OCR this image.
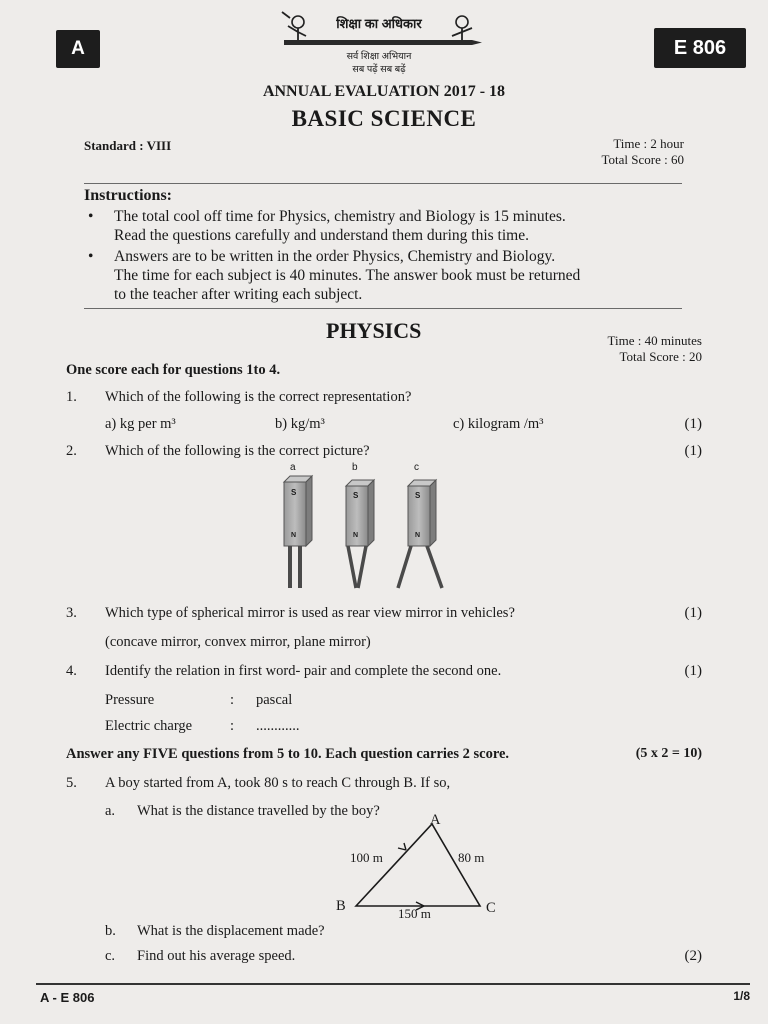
A	E 806
शिक्षा का अधिकार
सर्व शिक्षा अभियान
सब पढ़ें सब बढ़ें
ANNUAL EVALUATION 2017 - 18
BASIC SCIENCE
Standard : VIII	Time : 2 hour
Total Score : 60
Instructions:
• The total cool off time for Physics, chemistry and Biology is 15 minutes.
Read the questions carefully and understand them during this time.
• Answers are to be written in the order Physics, Chemistry and Biology.
The time for each subject is 40 minutes. The answer book must be returned
to the teacher after writing each subject.
PHYSICS	Time : 40 minutes
Total Score : 20
One score each for questions 1to 4.
1. Which of the following is the correct representation?
a) kg per m³	b) kg/m³	c) kilogram /m³	(1)
2. Which of the following is the correct picture?	(1)
a	b	c
S
N
S
N
S
N
3. Which type of spherical mirror is used as rear view mirror in vehicles?	(1)
(concave mirror, convex mirror, plane mirror)
4. Identify the relation in first word- pair and complete the second one.	(1)
Pressure	: pascal
Electric charge	: ............
Answer any FIVE questions from 5 to 10. Each question carries 2 score.	(5 x 2 = 10)
5. A boy started from A, took 80 s to reach C through B. If so,
a. What is the distance travelled by the boy?
A
B	C
100 m	80 m
150 m
b. What is the displacement made?
c. Find out his average speed.	(2)
A - E 806	1/8
